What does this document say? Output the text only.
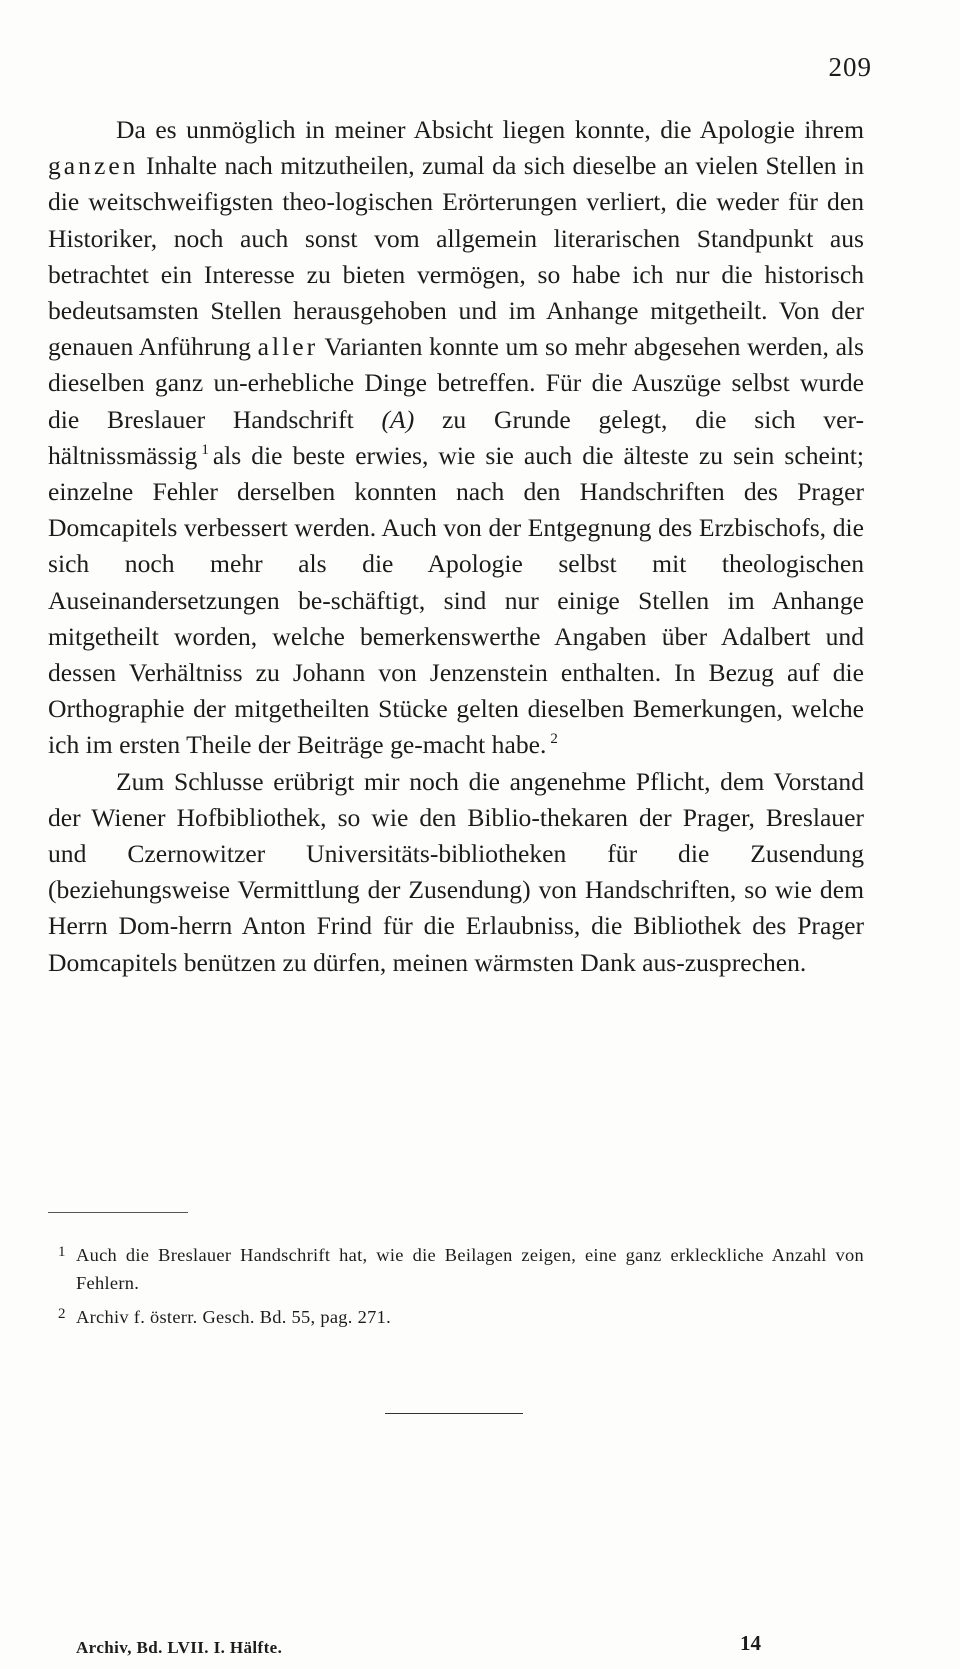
209

Da es unmöglich in meiner Absicht liegen konnte, die Apologie ihrem ganzen Inhalte nach mitzutheilen, zumal da sich dieselbe an vielen Stellen in die weitschweifigsten theo-logischen Erörterungen verliert, die weder für den Historiker, noch auch sonst vom allgemein literarischen Standpunkt aus betrachtet ein Interesse zu bieten vermögen, so habe ich nur die historisch bedeutsamsten Stellen herausgehoben und im Anhange mitgetheilt. Von der genauen Anführung aller Varianten konnte um so mehr abgesehen werden, als dieselben ganz un-erhebliche Dinge betreffen. Für die Auszüge selbst wurde die Breslauer Handschrift (A) zu Grunde gelegt, die sich ver-hältnissmässig $^1$ als die beste erwies, wie sie auch die älteste zu sein scheint; einzelne Fehler derselben konnten nach den Handschriften des Prager Domcapitels verbessert werden. Auch von der Entgegnung des Erzbischofs, die sich noch mehr als die Apologie selbst mit theologischen Auseinandersetzungen be-schäftigt, sind nur einige Stellen im Anhange mitgetheilt worden, welche bemerkenswerthe Angaben über Adalbert und dessen Verhältniss zu Johann von Jenzenstein enthalten. In Bezug auf die Orthographie der mitgetheilten Stücke gelten dieselben Bemerkungen, welche ich im ersten Theile der Beiträge ge-macht habe. $^2$

Zum Schlusse erübrigt mir noch die angenehme Pflicht, dem Vorstand der Wiener Hofbibliothek, so wie den Biblio-thekaren der Prager, Breslauer und Czernowitzer Universitäts-bibliotheken für die Zusendung (beziehungsweise Vermittlung der Zusendung) von Handschriften, so wie dem Herrn Dom-herrn Anton Frind für die Erlaubniss, die Bibliothek des Prager Domcapitels benützen zu dürfen, meinen wärmsten Dank aus-zusprechen.

1 Auch die Breslauer Handschrift hat, wie die Beilagen zeigen, eine ganz erkleckliche Anzahl von Fehlern.
2 Archiv f. österr. Gesch. Bd. 55, pag. 271.
Archiv, Bd. LVII. I. Hälfte.	14
